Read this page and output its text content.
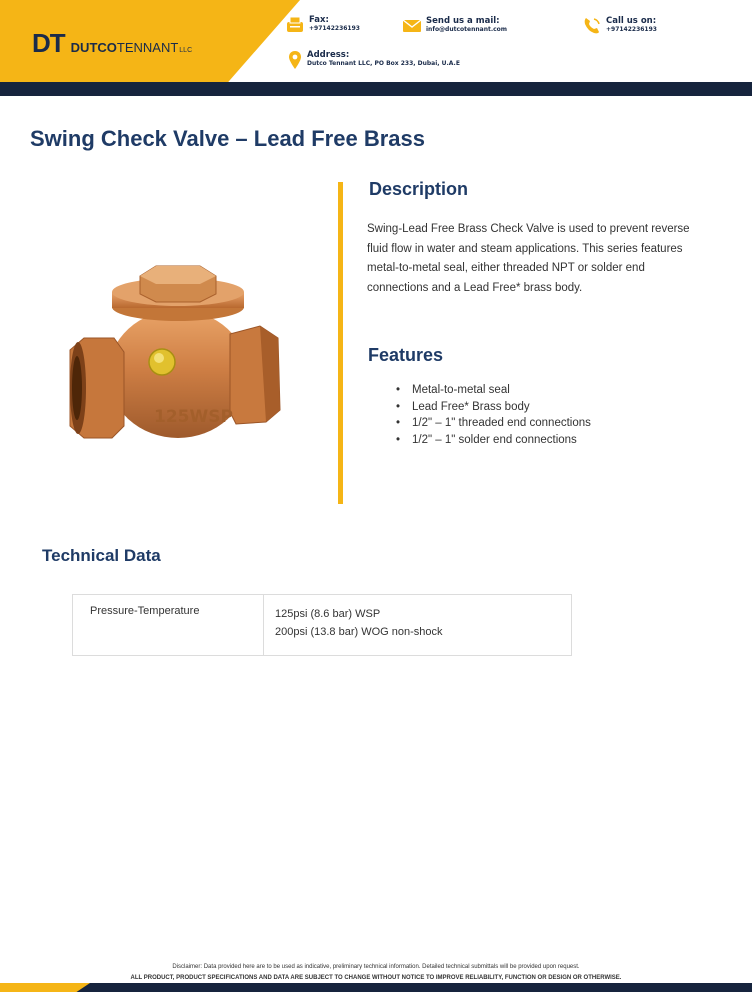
DT DUTCO TENNANT LLC
Fax:
+97142236193
Send us a mail:
info@dutcotennant.com
Call us on:
+97142236193
Address:
Dutco Tennant LLC, PO Box 233, Dubai, U.A.E
Swing Check Valve – Lead Free Brass
125WSP
Description
Swing-Lead Free Brass Check Valve is used to prevent reverse fluid flow in water and steam applications. This series features metal-to-metal seal, either threaded NPT or solder end connections and a Lead Free* brass body.
Features
• Metal-to-metal seal
• Lead Free* Brass body
• 1/2" – 1" threaded end connections
• 1/2" – 1" solder end connections
Technical Data
Pressure-Temperature	125psi (8.6 bar) WSP
200psi (13.8 bar) WOG non-shock
Disclaimer: Data provided here are to be used as indicative, preliminary technical information. Detailed technical submittals will be provided upon request.
ALL PRODUCT, PRODUCT SPECIFICATIONS AND DATA ARE SUBJECT TO CHANGE WITHOUT NOTICE TO IMPROVE RELIABILITY, FUNCTION OR DESIGN OR OTHERWISE.
